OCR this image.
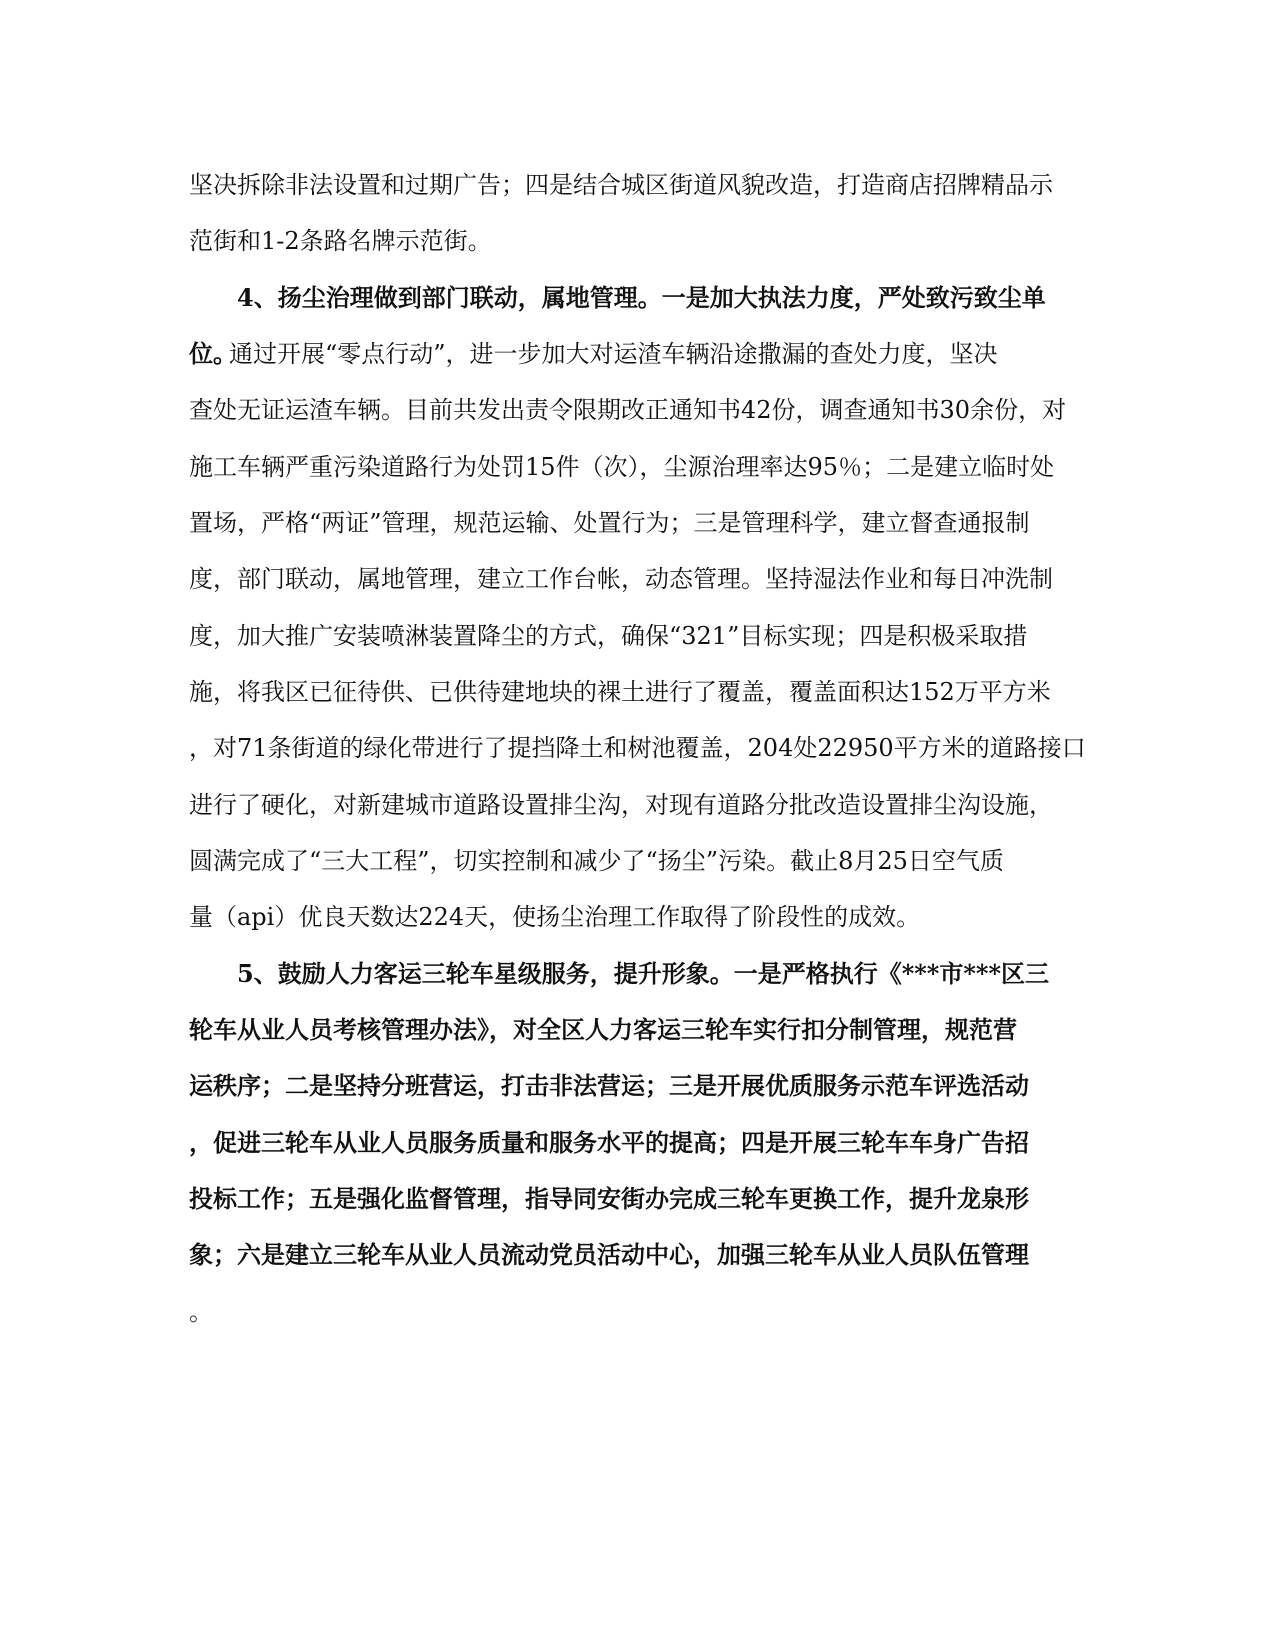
坚决拆除非法设置和过期广告；四是结合城区街道风貌改造，打造商店招牌精品示
范街和1-2条路名牌示范街。
4、扬尘治理做到部门联动，属地管理。一是加大执法力度，严处致污致尘单
位。
通过开展“零点行动”，进一步加大对运渣车辆沿途撒漏的查处力度，坚决
查处无证运渣车辆。目前共发出责令限期改正通知书42份，调查通知书30余份，对
施工车辆严重污染道路行为处罚15件（次），尘源治理率达95％；二是建立临时处
置场，严格“两证”管理，规范运输、处置行为；三是管理科学，建立督查通报制
度，部门联动，属地管理，建立工作台帐，动态管理。坚持湿法作业和每日冲洗制
度，加大推广安装喷淋装置降尘的方式，确保“321”目标实现；四是积极采取措
施，将我区已征待供、已供待建地块的裸土进行了覆盖，覆盖面积达152万平方米
，对71条街道的绿化带进行了提挡降土和树池覆盖，204处22950平方米的道路接口
进行了硬化，对新建城市道路设置排尘沟，对现有道路分批改造设置排尘沟设施，
圆满完成了“三大工程”，切实控制和减少了“扬尘”污染。截止8月25日空气质
量（api）优良天数达224天，使扬尘治理工作取得了阶段性的成效。
5、鼓励人力客运三轮车星级服务，提升形象。一是严格执行《***市***区三
轮车从业人员考核管理办法》，对全区人力客运三轮车实行扣分制管理，规范营
运秩序；二是坚持分班营运，打击非法营运；三是开展优质服务示范车评选活动
，促进三轮车从业人员服务质量和服务水平的提高；四是开展三轮车车身广告招
投标工作；五是强化监督管理，指导同安街办完成三轮车更换工作，提升龙泉形
象；六是建立三轮车从业人员流动党员活动中心，加强三轮车从业人员队伍管理
。
